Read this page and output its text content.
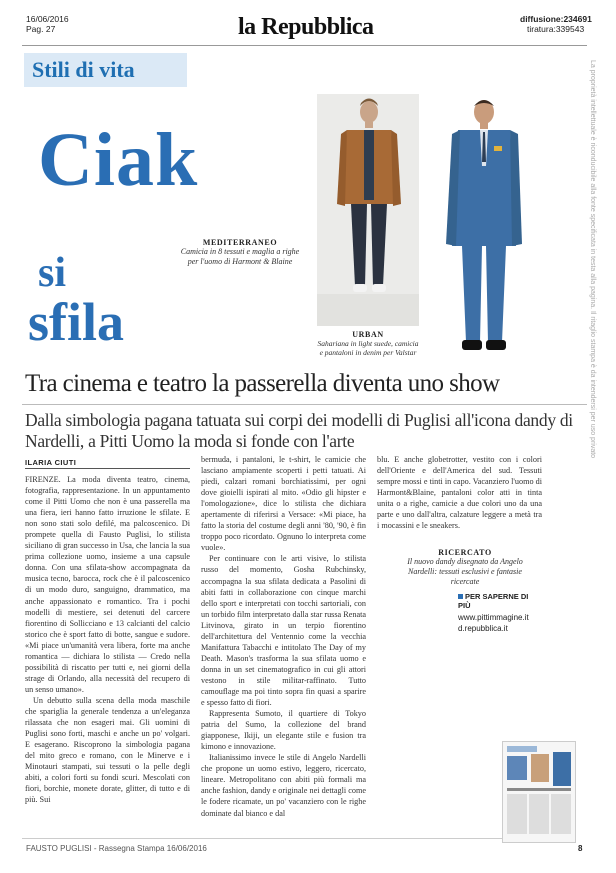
16/06/2016
Pag. 27	la Repubblica	diffusione:234691
tiratura:339543
Stili di vita
Ciak
si
sfila
MEDITERRANEO
Camicia in 8 tessuti e maglia a righe per l'uomo di Harmont & Blaine
URBAN
Sahariana in light suede, camicia e pantaloni in denim per Valstar
Tra cinema e teatro la passerella diventa uno show
Dalla simbologia pagana tatuata sui corpi dei modelli di Puglisi all'icona dandy di Nardelli, a Pitti Uomo la moda si fonde con l'arte
ILARIA CIUTI

FIRENZE. La moda diventa teatro, cinema, fotografia, rappresentazione. In un appuntamento come il Pitti Uomo che non è una passerella ma una fiera, ieri hanno fatto irruzione le sfilate. E non sono stati solo defilé, ma palcoscenico. Di prompete quella di Fausto Puglisi, lo stilista siciliano di gran successo in Usa, che lancia la sua prima collezione uomo, insieme a una capsule donna. Con una sfilata-show accompagnata da musica tecno, barocca, rock che è il palcoscenico di un modo duro, sanguigno, drammatico, ma anche appassionato e romantico. Tra i pochi modelli di mestiere, sei detenuti del carcere fiorentino di Sollicciano e 13 calcianti del calcio storico che è sport fatto di botte, sangue e sudore. «Mi piace un'umanità vera libera, forte ma anche romantica — dichiara lo stilista — Credo nella possibilità di riscatto per tutti e, nei giorni della strage di Orlando, alla necessità del recupero di un senso umano».

Un debutto sulla scena della moda maschile che spariglia la generale tendenza a un'eleganza rilassata che non esageri mai. Gli uomini di Puglisi sono forti, maschi e anche un po' volgari. E esagerano. Riscoprono la simbologia pagana del mito greco e romano, con le Minerve e i Minotauri stampati, sui tessuti o la pelle degli abiti, a colori forti su fondi scuri. Mescolati con fiori, borchie, monete dorate, glitter, di tutto e di più. Sui

bermuda, i pantaloni, le t-shirt, le camicie che lasciano ampiamente scoperti i petti tatuati. Ai piedi, calzari romani borchiatissimi, per ogni dove gioielli ispirati al mito. «Odio gli hipster e l'omologazione», dice lo stilista che dichiara apertamente di riferirsi a Versace: «Mi piace, ha fatto la storia del costume degli anni '80, '90, è fin troppo poco ricordato. Ognuno lo interpreta come vuole».

Per continuare con le arti visive, lo stilista russo del momento, Gosha Rubchinsky, accompagna la sua sfilata dedicata a Pasolini di abiti fatti in collaborazione con cinque marchi dello sport e interpretati con tocchi sartoriali, con un torbido film interpretato dalla star russa Renata Litvinova, girato in un terpio fiorentino dell'architettura del Ventennio come la vecchia Manifattura Tabacchi e intitolato The Day of my Death. Mason's trasforma la sua sfilata uomo e donna in un set cinematografico in cui gli attori vestono in stile militar-raffinato. Tutto camouflage ma poi tinto sopra fin quasi a sparire e spesso fatto di fiori.

Rappresenta Sumoto, il quartiere di Tokyo patria del Sumo, la collezione del brand giapponese, Ikiji, un elegante stile e fusion tra kimono e innovazione.

Italianissimo invece le stile di Angelo Nardelli che propone un uomo estivo, leggero, ricercato, lineare. Metropolitano con abiti più formali ma anche fashion, dandy e originale nei dettagli come le fodere ricamate, un po' vacanziero con le righe dominate dal bianco e dal

blu. E anche globetrotter, vestito con i colori dell'Oriente e dell'America del sud. Tessuti sempre mossi e tinti in capo. Vacanziero l'uomo di Harmont&Blaine, pantaloni color atti in tinta unita o a righe, camicie a due colori uno da una parte e uno dall'altra, calzature leggere a metà tra i mocassini e le sneakers.

RICERCATO
Il nuovo dandy disegnato da Angelo Nardelli: tessuti esclusivi e fantasie ricercate
PER SAPERNE DI PIÙ
www.pittimmagine.it
d.repubblica.it
La proprietà intellettuale è riconducibile alla fonte specificata in testa alla pagina. Il ritaglio stampa è da intendersi per uso privato
FAUSTO PUGLISI - Rassegna Stampa 16/06/2016	8
